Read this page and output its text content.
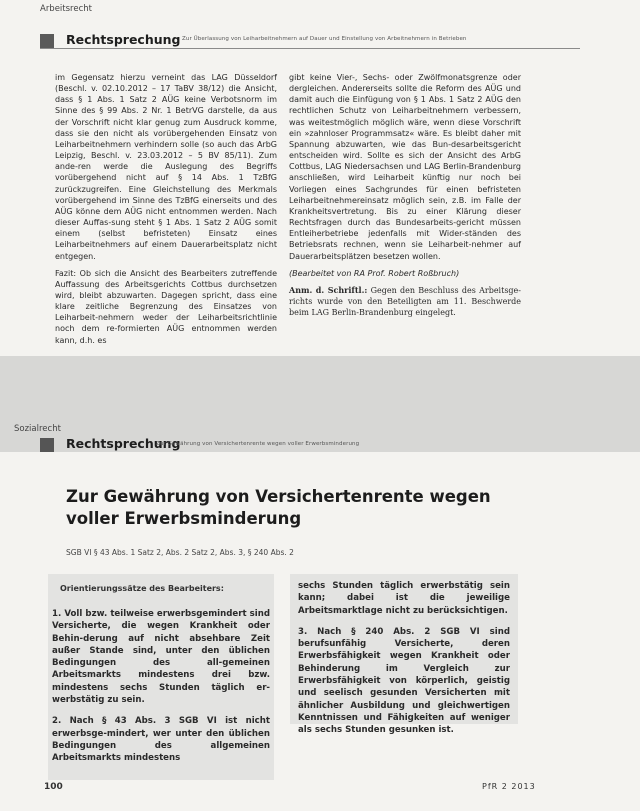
Arbeitsrecht
Rechtsprechung Zur Überlassung von Leiharbeitnehmern auf Dauer und Einstellung von Arbeitnehmern in Betrieben

im Gegensatz hierzu verneint das LAG Düsseldorf (Beschl. v. 02.10.2012 – 17 TaBV 38/12) die Ansicht, dass § 1 Abs. 1 Satz 2 AÜG keine Verbotsnorm im Sinne des § 99 Abs. 2 Nr. 1 BetrVG darstelle, da aus der Vorschrift nicht klar genug zum Ausdruck komme, dass sie den nicht als vorübergehenden Einsatz von Leiharbeitnehmern verhindern solle (so auch das ArbG Leipzig, Beschl. v. 23.03.2012 – 5 BV 85/11). Zum ande-ren werde die Auslegung des Begriffs vorübergehend nicht auf § 14 Abs. 1 TzBfG zurückzugreifen. Eine Gleichstellung des Merkmals vorübergehend im Sinne des TzBfG einerseits und des AÜG könne dem AÜG nicht entnommen werden. Nach dieser Auffas-sung steht § 1 Abs. 1 Satz 2 AÜG somit einem (selbst befristeten) Einsatz eines Leiharbeitnehmers auf einem Dauerarbeitsplatz nicht entgegen.

Fazit: Ob sich die Ansicht des Bearbeiters zutreffende Auffassung des Arbeitsgerichts Cottbus durchsetzen wird, bleibt abzuwarten. Dagegen spricht, dass eine klare zeitliche Begrenzung des Einsatzes von Leiharbeit-nehmern weder der Leiharbeitsrichtlinie noch dem re-formierten AÜG entnommen werden kann, d.h. es

gibt keine Vier-, Sechs- oder Zwölfmonatsgrenze oder dergleichen. Andererseits sollte die Reform des AÜG und damit auch die Einfügung von § 1 Abs. 1 Satz 2 AÜG den rechtlichen Schutz von Leiharbeitnehmern verbessern, was weitestmöglich möglich wäre, wenn diese Vorschrift ein »zahnloser Programmsatz« wäre. Es bleibt daher mit Spannung abzuwarten, wie das Bun-desarbeitsgericht entscheiden wird. Sollte es sich der Ansicht des ArbG Cottbus, LAG Niedersachsen und LAG Berlin-Brandenburg anschließen, wird Leiharbeit künftig nur noch bei Vorliegen eines Sachgrundes für einen befristeten Leiharbeitnehmereinsatz möglich sein, z.B. im Falle der Krankheitsvertretung. Bis zu einer Klärung dieser Rechtsfragen durch das Bundesarbeits-gericht müssen Entleiherbetriebe jedenfalls mit Wider-ständen des Betriebsrats rechnen, wenn sie Leiharbeit-nehmer auf Dauerarbeitsplätzen besetzen wollen.

(Bearbeitet von RA Prof. Robert Roßbruch)

Anm. d. Schriftl.: Gegen den Beschluss des Arbeitsge-richts wurde von den Beteiligten am 11. Beschwerde beim LAG Berlin-Brandenburg eingelegt.

Sozialrecht
Rechtsprechung
Zur Gewährung von Versichertenrente wegen voller Erwerbsminderung
Zur Gewährung von Versichertenrente wegen
voller Erwerbsminderung
SGB VI § 43 Abs. 1 Satz 2, Abs. 2 Satz 2, Abs. 3, § 240 Abs. 2
Orientierungssätze des Bearbeiters:

1. Voll bzw. teilweise erwerbsgemindert sind Versicherte, die wegen Krankheit oder Behin-derung auf nicht absehbare Zeit außer Stande sind, unter den üblichen Bedingungen des all-gemeinen Arbeitsmarkts mindestens drei bzw. mindestens sechs Stunden täglich er-werbstätig zu sein.

2. Nach § 43 Abs. 3 SGB VI ist nicht erwerbsge-mindert, wer unter den üblichen Bedingungen des allgemeinen Arbeitsmarkts mindestens

sechs Stunden täglich erwerbstätig sein kann; dabei ist die jeweilige Arbeitsmarktlage nicht zu berücksichtigen.

3. Nach § 240 Abs. 2 SGB VI sind berufsunfähig Versicherte, deren Erwerbsfähigkeit wegen Krankheit oder Behinderung im Vergleich zur Erwerbsfähigkeit von körperlich, geistig und seelisch gesunden Versicherten mit ähnlicher Ausbildung und gleichwertigen Kenntnissen und Fähigkeiten auf weniger als sechs Stunden gesunken ist.

100	PfR 2 2013
